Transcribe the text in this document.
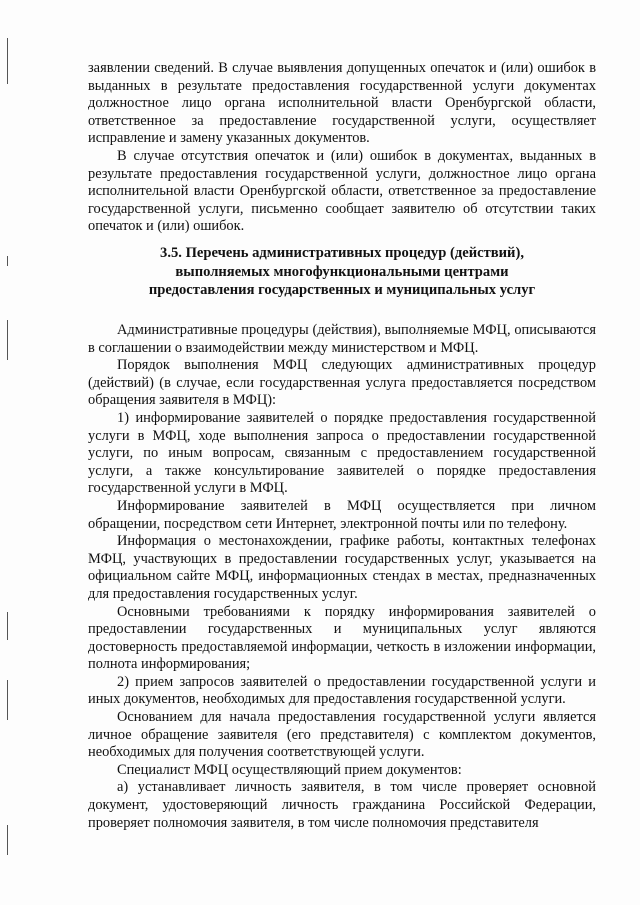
заявлении сведений. В случае выявления допущенных опечаток и (или) ошибок в выданных в результате предоставления государственной услуги документах должностное лицо органа исполнительной власти Оренбургской области, ответственное за предоставление государственной услуги, осуществляет исправление и замену указанных документов.

В случае отсутствия опечаток и (или) ошибок в документах, выданных в результате предоставления государственной услуги, должностное лицо органа исполнительной власти Оренбургской области, ответственное за предоставление государственной услуги, письменно сообщает заявителю об отсутствии таких опечаток и (или) ошибок.

3.5. Перечень административных процедур (действий),
выполняемых многофункциональными центрами
предоставления государственных и муниципальных услуг

Административные процедуры (действия), выполняемые МФЦ, описываются в соглашении о взаимодействии между министерством и МФЦ.

Порядок выполнения МФЦ следующих административных процедур (действий) (в случае, если государственная услуга предоставляется посредством обращения заявителя в МФЦ):

1) информирование заявителей о порядке предоставления государственной услуги в МФЦ, ходе выполнения запроса о предоставлении государственной услуги, по иным вопросам, связанным с предоставлением государственной услуги, а также консультирование заявителей о порядке предоставления государственной услуги в МФЦ.

Информирование заявителей в МФЦ осуществляется при личном обращении, посредством сети Интернет, электронной почты или по телефону.

Информация о местонахождении, графике работы, контактных телефонах МФЦ, участвующих в предоставлении государственных услуг, указывается на официальном сайте МФЦ, информационных стендах в местах, предназначенных для предоставления государственных услуг.

Основными требованиями к порядку информирования заявителей о предоставлении государственных и муниципальных услуг являются достоверность предоставляемой информации, четкость в изложении информации, полнота информирования;

2) прием запросов заявителей о предоставлении государственной услуги и иных документов, необходимых для предоставления государственной услуги.

Основанием для начала предоставления государственной услуги является личное обращение заявителя (его представителя) с комплектом документов, необходимых для получения соответствующей услуги.

Специалист МФЦ осуществляющий прием документов:

а) устанавливает личность заявителя, в том числе проверяет основной документ, удостоверяющий личность гражданина Российской Федерации, проверяет полномочия заявителя, в том числе полномочия представителя
